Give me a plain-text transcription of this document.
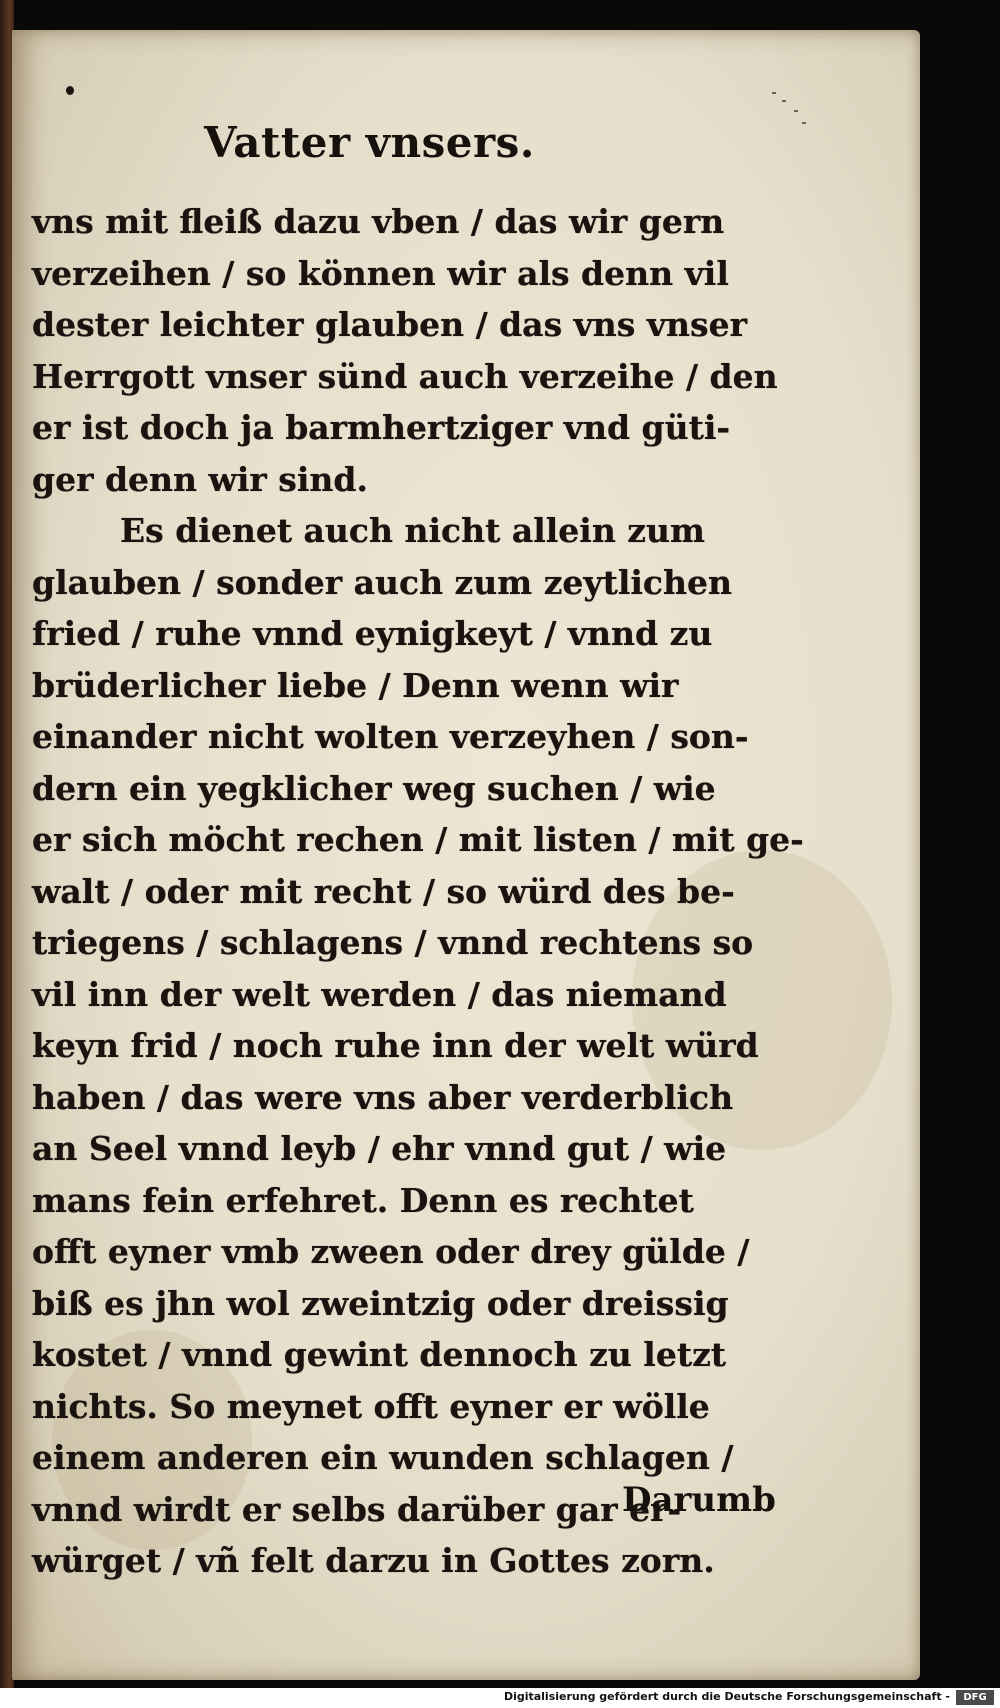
Vatter vnsers.
vns mit fleiß dazu vben / das wir gern
verzeihen / so können wir als denn vil
dester leichter glauben / das vns vnser
Herrgott vnser sünd auch verzeihe / den
er ist doch ja barmhertziger vnd güti-
ger denn wir sind.
Es dienet auch nicht allein zum
glauben / sonder auch zum zeytlichen
fried / ruhe vnnd eynigkeyt / vnnd zu
brüderlicher liebe / Denn wenn wir
einander nicht wolten verzeyhen / son-
dern ein yegklicher weg suchen / wie
er sich möcht rechen / mit listen / mit ge-
walt / oder mit recht / so würd des be-
triegens / schlagens / vnnd rechtens so
vil inn der welt werden / das niemand
keyn frid / noch ruhe inn der welt würd
haben / das were vns aber verderblich
an Seel vnnd leyb / ehr vnnd gut / wie
mans fein erfehret. Denn es rechtet
offt eyner vmb zween oder drey gülde /
biß es jhn wol zweintzig oder dreissig
kostet / vnnd gewint dennoch zu letzt
nichts. So meynet offt eyner er wölle
einem anderen ein wunden schlagen /
vnnd wirdt er selbs darüber gar er-
würget / vñ felt darzu in Gottes zorn.
Darumb
Digitalisierung gefördert durch die Deutsche Forschungsgemeinschaft -	DFG
